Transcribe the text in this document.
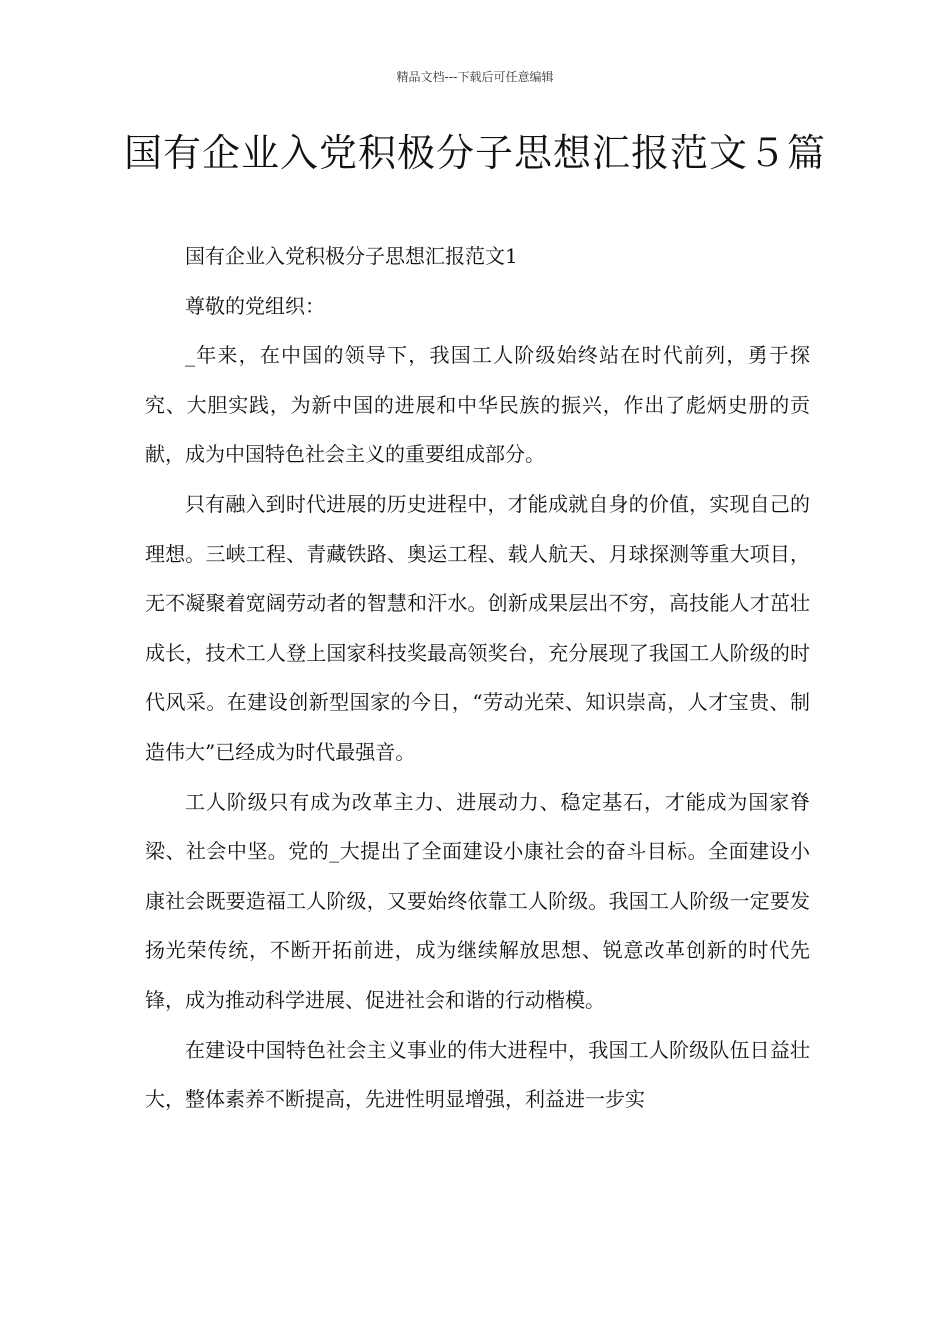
精品文档---下载后可任意编辑
国有企业入党积极分子思想汇报范文５篇

国有企业入党积极分子思想汇报范文1

尊敬的党组织：

_年来，在中国的领导下，我国工人阶级始终站在时代前列，勇于探究、大胆实践，为新中国的进展和中华民族的振兴，作出了彪炳史册的贡献，成为中国特色社会主义的重要组成部分。

只有融入到时代进展的历史进程中，才能成就自身的价值，实现自己的理想。三峡工程、青藏铁路、奥运工程、载人航天、月球探测等重大项目，无不凝聚着宽阔劳动者的智慧和汗水。创新成果层出不穷，高技能人才茁壮成长，技术工人登上国家科技奖最高领奖台，充分展现了我国工人阶级的时代风采。在建设创新型国家的今日，“劳动光荣、知识崇高，人才宝贵、制造伟大”已经成为时代最强音。

工人阶级只有成为改革主力、进展动力、稳定基石，才能成为国家脊梁、社会中坚。党的_大提出了全面建设小康社会的奋斗目标。全面建设小康社会既要造福工人阶级，又要始终依靠工人阶级。我国工人阶级一定要发扬光荣传统，不断开拓前进，成为继续解放思想、锐意改革创新的时代先锋，成为推动科学进展、促进社会和谐的行动楷模。

在建设中国特色社会主义事业的伟大进程中，我国工人阶级队伍日益壮大，整体素养不断提高，先进性明显增强，利益进一步实
